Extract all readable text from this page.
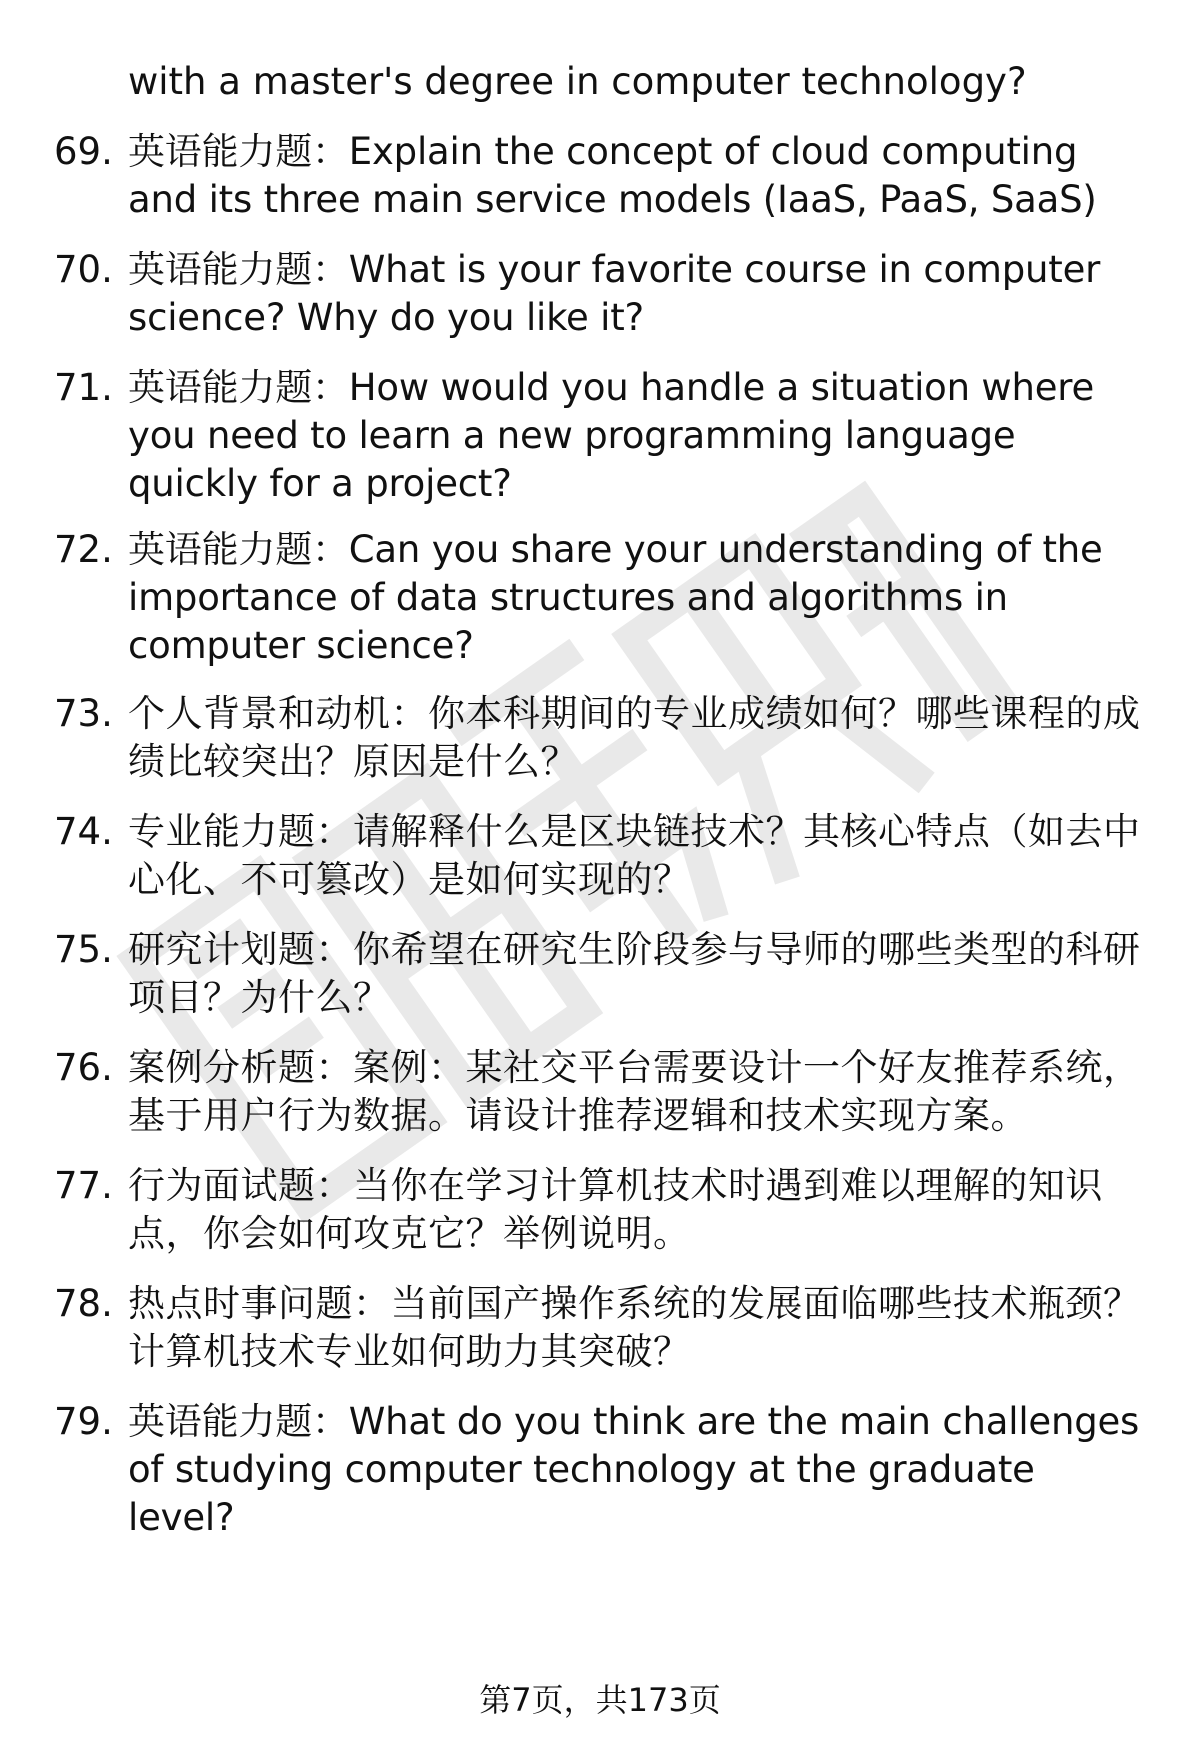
with a master's degree in computer technology?
69. 英语能力题：Explain the concept of cloud computing and its three main service models (IaaS, PaaS, SaaS)
70. 英语能力题：What is your favorite course in computer science? Why do you like it?
71. 英语能力题：How would you handle a situation where you need to learn a new programming language quickly for a project?
72. 英语能力题：Can you share your understanding of the importance of data structures and algorithms in computer science?
73. 个人背景和动机：你本科期间的专业成绩如何？哪些课程的成绩比较突出？原因是什么？
74. 专业能力题：请解释什么是区块链技术？其核心特点（如去中心化、不可篡改）是如何实现的？
75. 研究计划题：你希望在研究生阶段参与导师的哪些类型的科研项目？为什么？
76. 案例分析题：案例：某社交平台需要设计一个好友推荐系统，基于用户行为数据。请设计推荐逻辑和技术实现方案。
77. 行为面试题：当你在学习计算机技术时遇到难以理解的知识点，你会如何攻克它？举例说明。
78. 热点时事问题：当前国产操作系统的发展面临哪些技术瓶颈？计算机技术专业如何助力其突破？
79. 英语能力题：What do you think are the main challenges of studying computer technology at the graduate level?
第7页，共173页
